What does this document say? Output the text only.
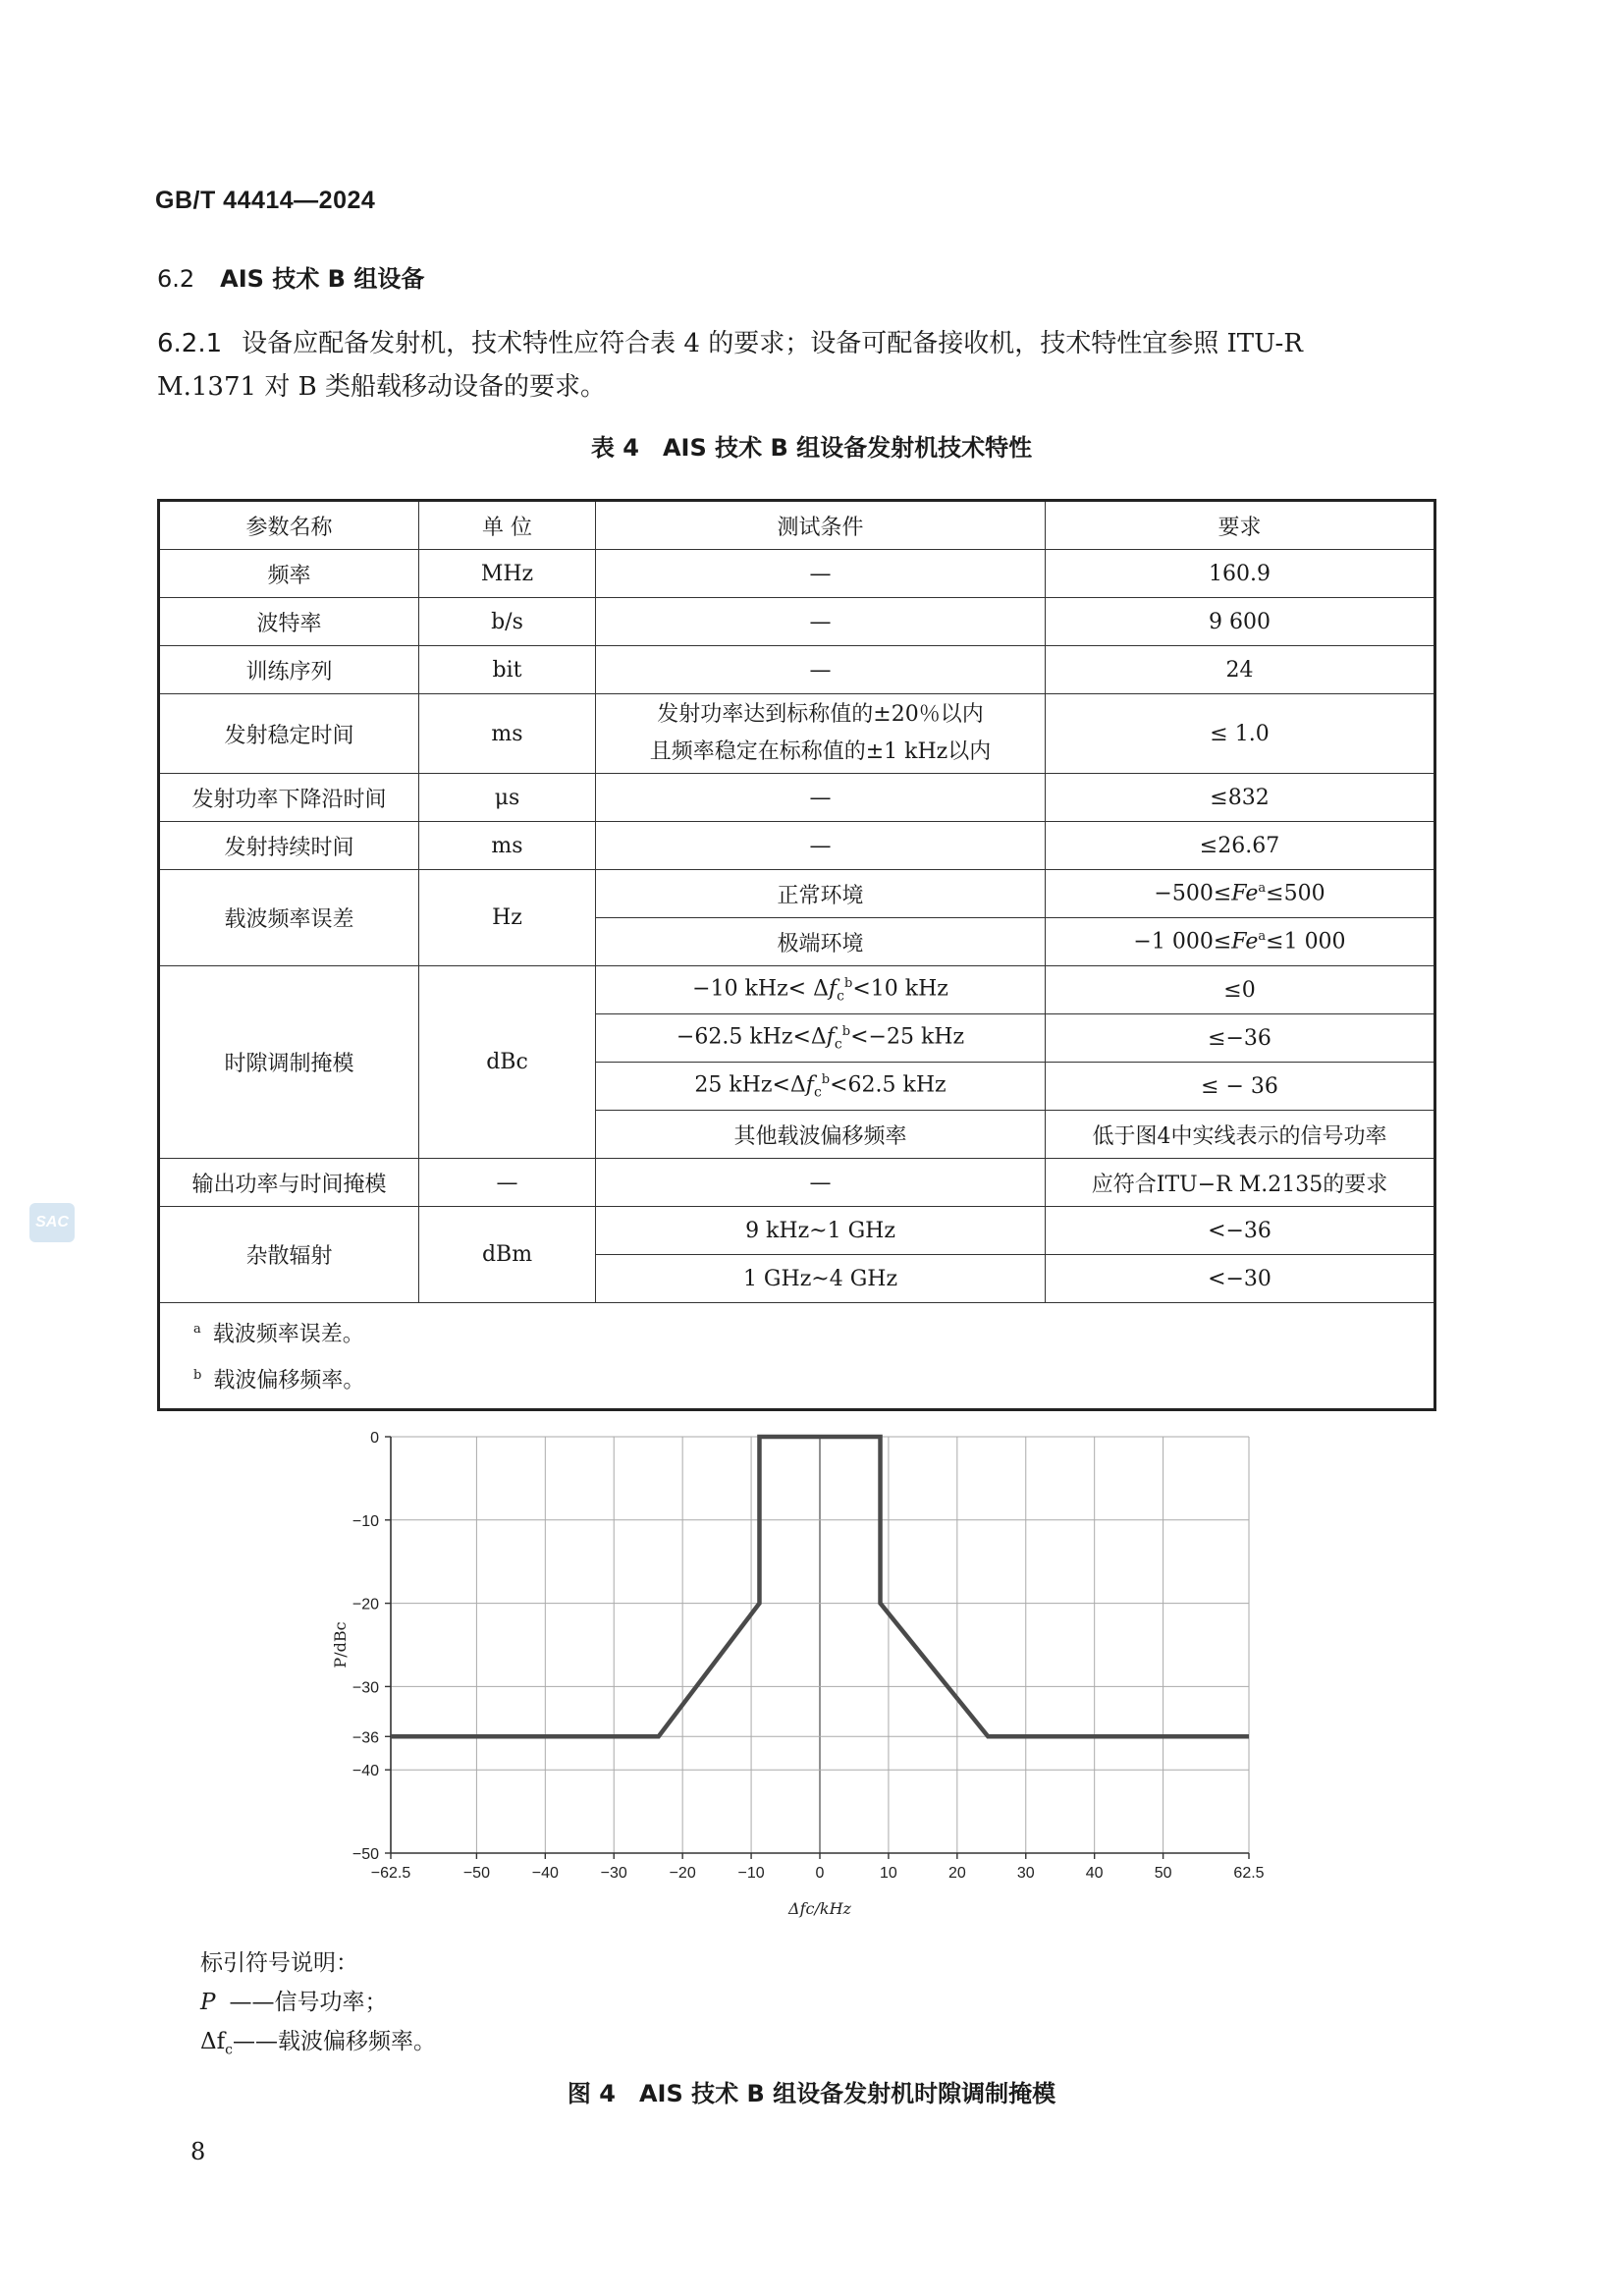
GB/T 44414—2024
6.2 AIS 技术 B 组设备
6.2.1 设备应配备发射机，技术特性应符合表 4 的要求；设备可配备接收机，技术特性宜参照 ITU-R
M.1371 对 B 类船载移动设备的要求。
表 4　AIS 技术 B 组设备发射机技术特性
参数名称	单 位	测试条件	要求
频率	MHz	—	160.9
波特率	b/s	—	9 600
训练序列	bit	—	24
发射稳定时间	ms	发射功率达到标称值的±20％以内
且频率稳定在标称值的±1 kHz以内	≤ 1.0
发射功率下降沿时间	μs	—	≤832
发射持续时间	ms	—	≤26.67
载波频率误差	Hz	正常环境	$-500\le Fe^a\le 500$
		极端环境	−1 $000\le Fe^a\le 1$ 000
时隙调制掩模	dBc	−10 $kHz< \Delta f_c^b<10$ kHz	≤0
		−62.5 $kHz<\Delta f_c^b<-25$ kHz	≤−36
		25 $kHz<\Delta f_c^b<62.5$ kHz	≤ − 36
		其他载波偏移频率	低于图4中实线表示的信号功率
输出功率与时间掩模	—	—	应符合ITU−R M.2135的要求
杂散辐射	dBm	9 kHz~1 GHz	<−36
		1 GHz~4 GHz	<−30

$^a$ 载波频率误差。
$^b$ 载波偏移频率。			
−62.5	−50	−40	−30	−20	−10	0	10	20	30	40	50	62.5
0
−10
−20
−30
−36
−40
−50
Δfc/kHz
P/dBc
标引符号说明：
P ——信号功率；
$\Delta f_c——$载波偏移频率。
图 4　AIS 技术 B 组设备发射机时隙调制掩模
8
SAC
